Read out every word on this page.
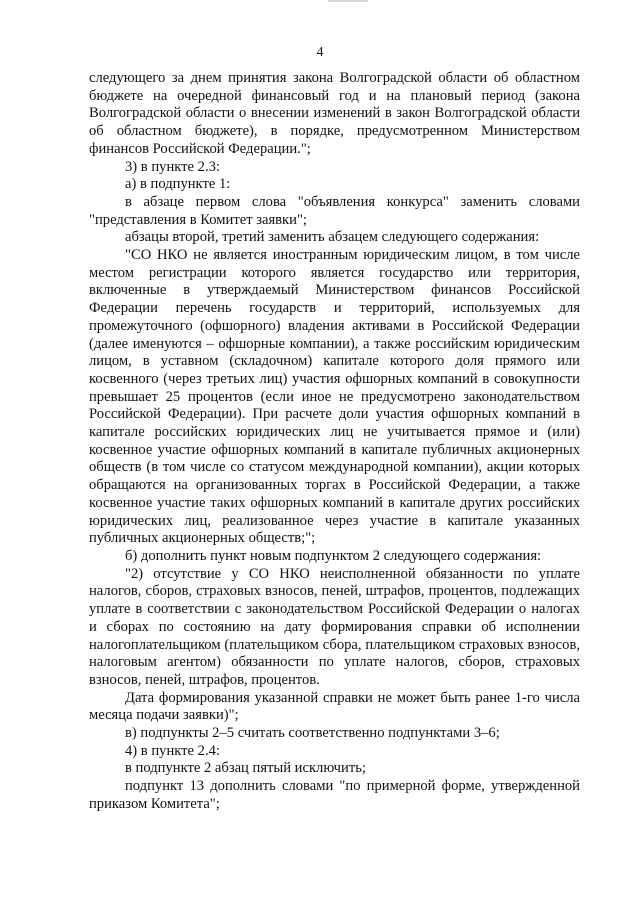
4

следующего за днем принятия закона Волгоградской области об областном бюджете на очередной финансовый год и на плановый период (закона Волгоградской области о внесении изменений в закон Волгоградской области об областном бюджете), в порядке, предусмотренном Министерством финансов Российской Федерации.";

3) в пункте 2.3:

а) в подпункте 1:

в абзаце первом слова "объявления конкурса" заменить словами "представления в Комитет заявки";

абзацы второй, третий заменить абзацем следующего содержания:

"СО НКО не является иностранным юридическим лицом, в том числе местом регистрации которого является государство или территория, включенные в утверждаемый Министерством финансов Российской Федерации перечень государств и территорий, используемых для промежуточного (офшорного) владения активами в Российской Федерации (далее именуются – офшорные компании), а также российским юридическим лицом, в уставном (складочном) капитале которого доля прямого или косвенного (через третьих лиц) участия офшорных компаний в совокупности превышает 25 процентов (если иное не предусмотрено законодательством Российской Федерации). При расчете доли участия офшорных компаний в капитале российских юридических лиц не учитывается прямое и (или) косвенное участие офшорных компаний в капитале публичных акционерных обществ (в том числе со статусом международной компании), акции которых обращаются на организованных торгах в Российской Федерации, а также косвенное участие таких офшорных компаний в капитале других российских юридических лиц, реализованное через участие в капитале указанных публичных акционерных обществ;";

б) дополнить пункт новым подпунктом 2 следующего содержания:

"2) отсутствие у СО НКО неисполненной обязанности по уплате налогов, сборов, страховых взносов, пеней, штрафов, процентов, подлежащих уплате в соответствии с законодательством Российской Федерации о налогах и сборах по состоянию на дату формирования справки об исполнении налогоплательщиком (плательщиком сбора, плательщиком страховых взносов, налоговым агентом) обязанности по уплате налогов, сборов, страховых взносов, пеней, штрафов, процентов.

Дата формирования указанной справки не может быть ранее 1-го числа месяца подачи заявки)";

в) подпункты 2–5 считать соответственно подпунктами 3–6;

4) в пункте 2.4:

в подпункте 2 абзац пятый исключить;

подпункт 13 дополнить словами "по примерной форме, утвержденной приказом Комитета";
